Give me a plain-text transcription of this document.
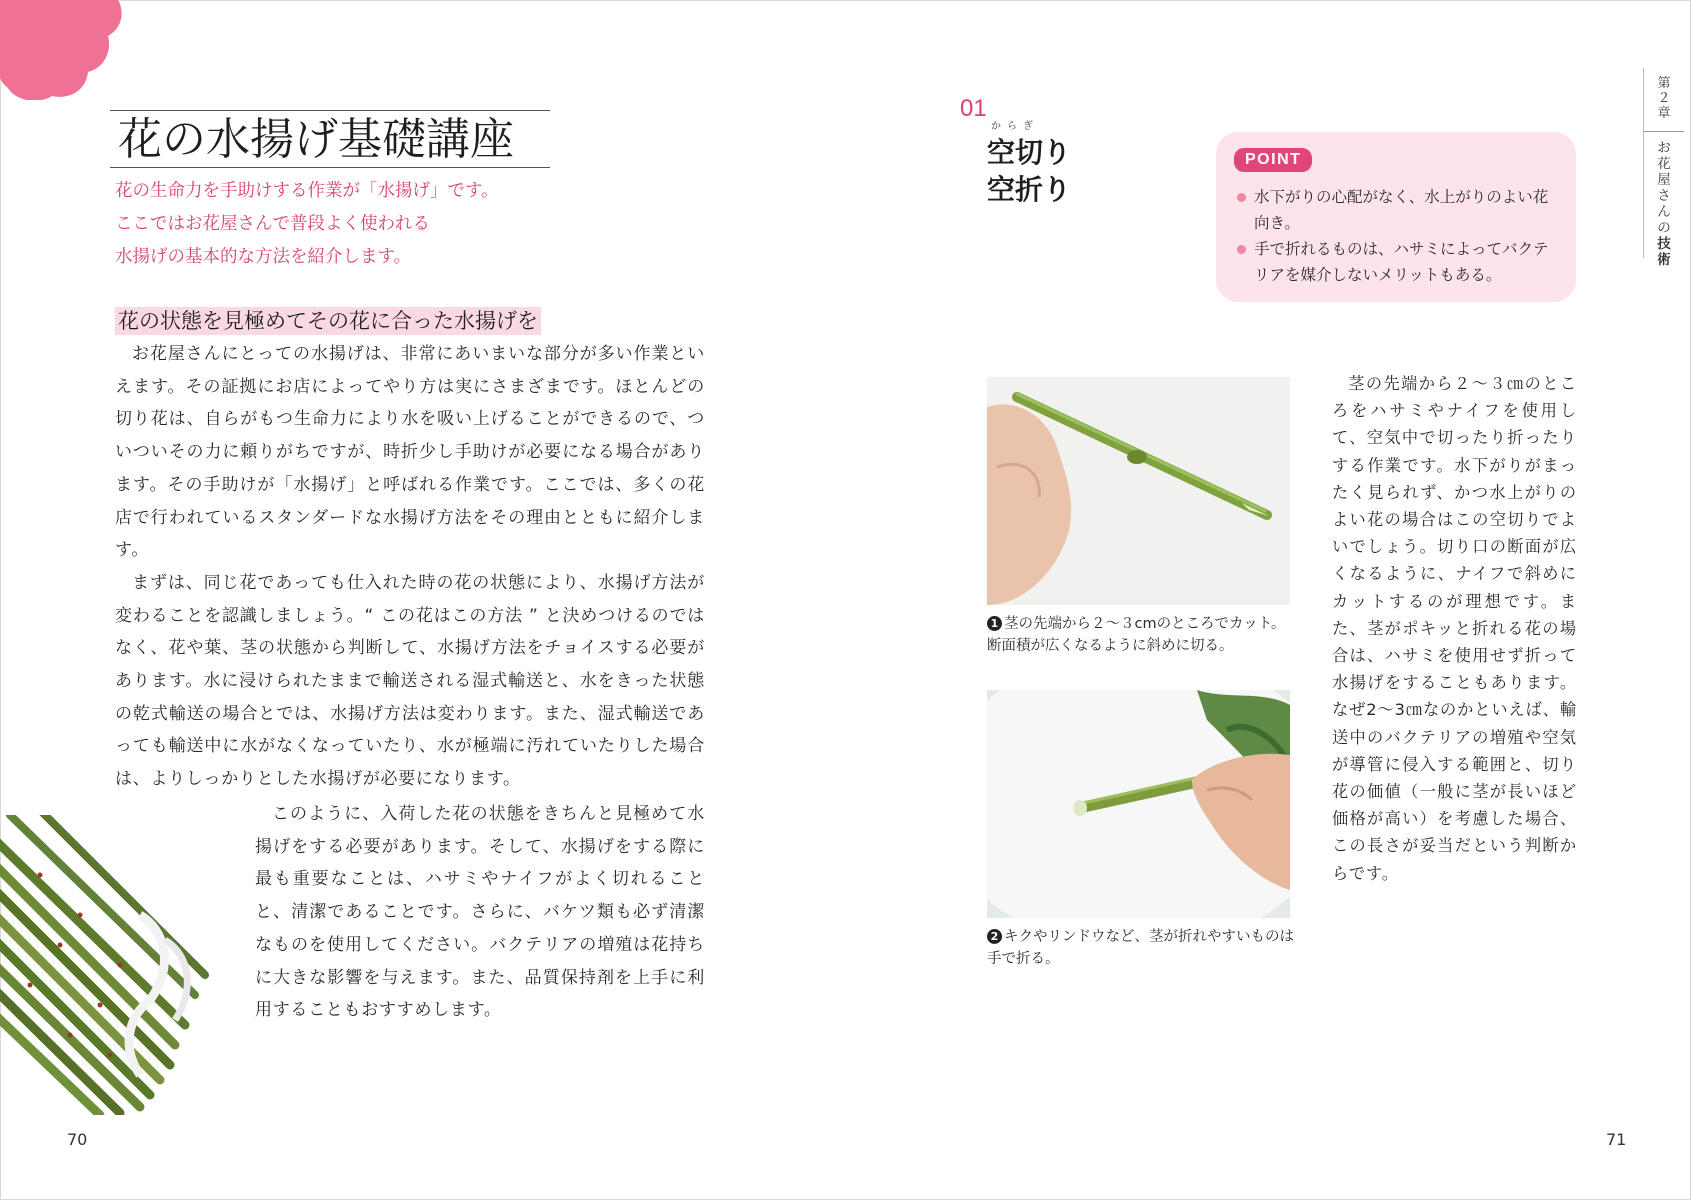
花の水揚げ基礎講座

花の生命力を手助けする作業が「水揚げ」です。

ここではお花屋さんで普段よく使われる

水揚げの基本的な方法を紹介します。

花の状態を見極めてその花に合った水揚げを

お花屋さんにとっての水揚げは、非常にあいまいな部分が多い作業といえます。その証拠にお店によってやり方は実にさまざまです。ほとんどの切り花は、自らがもつ生命力により水を吸い上げることができるので、ついついその力に頼りがちですが、時折少し手助けが必要になる場合があります。その手助けが「水揚げ」と呼ばれる作業です。ここでは、多くの花店で行われているスタンダードな水揚げ方法をその理由とともに紹介します。

まずは、同じ花であっても仕入れた時の花の状態により、水揚げ方法が変わることを認識しましょう。“ この花はこの方法 ” と決めつけるのではなく、花や葉、茎の状態から判断して、水揚げ方法をチョイスする必要があります。水に浸けられたままで輸送される湿式輸送と、水をきった状態の乾式輸送の場合とでは、水揚げ方法は変わります。また、湿式輸送であっても輸送中に水がなくなっていたり、水が極端に汚れていたりした場合は、よりしっかりとした水揚げが必要になります。

このように、入荷した花の状態をきちんと見極めて水揚げをする必要があります。そして、水揚げをする際に最も重要なことは、ハサミやナイフがよく切れることと、清潔であることです。さらに、バケツ類も必ず清潔なものを使用してください。バクテリアの増殖は花持ちに大きな影響を与えます。また、品質保持剤を上手に利用することもおすすめします。

70
01
からぎ
空切り
空折り
POINT
水下がりの心配がなく、水上がりのよい花向き。
手で折れるものは、ハサミによってバクテリアを媒介しないメリットもある。
1 茎の先端から２～３cmのところでカット。断面積が広くなるように斜めに切る。
2 キクやリンドウなど、茎が折れやすいものは手で折る。

茎の先端から２～３㎝のところをハサミやナイフを使用して、空気中で切ったり折ったりする作業です。水下がりがまったく見られず、かつ水上がりのよい花の場合はこの空切りでよいでしょう。切り口の断面が広くなるように、ナイフで斜めにカットするのが理想です。また、茎がポキッと折れる花の場合は、ハサミを使用せず折って水揚げをすることもあります。なぜ2～3㎝なのかといえば、輸送中のバクテリアの増殖や空気が導管に侵入する範囲と、切り花の価値（一般に茎が長いほど価格が高い）を考慮した場合、この長さが妥当だという判断からです。

第２章
お花屋さんの技術
71
